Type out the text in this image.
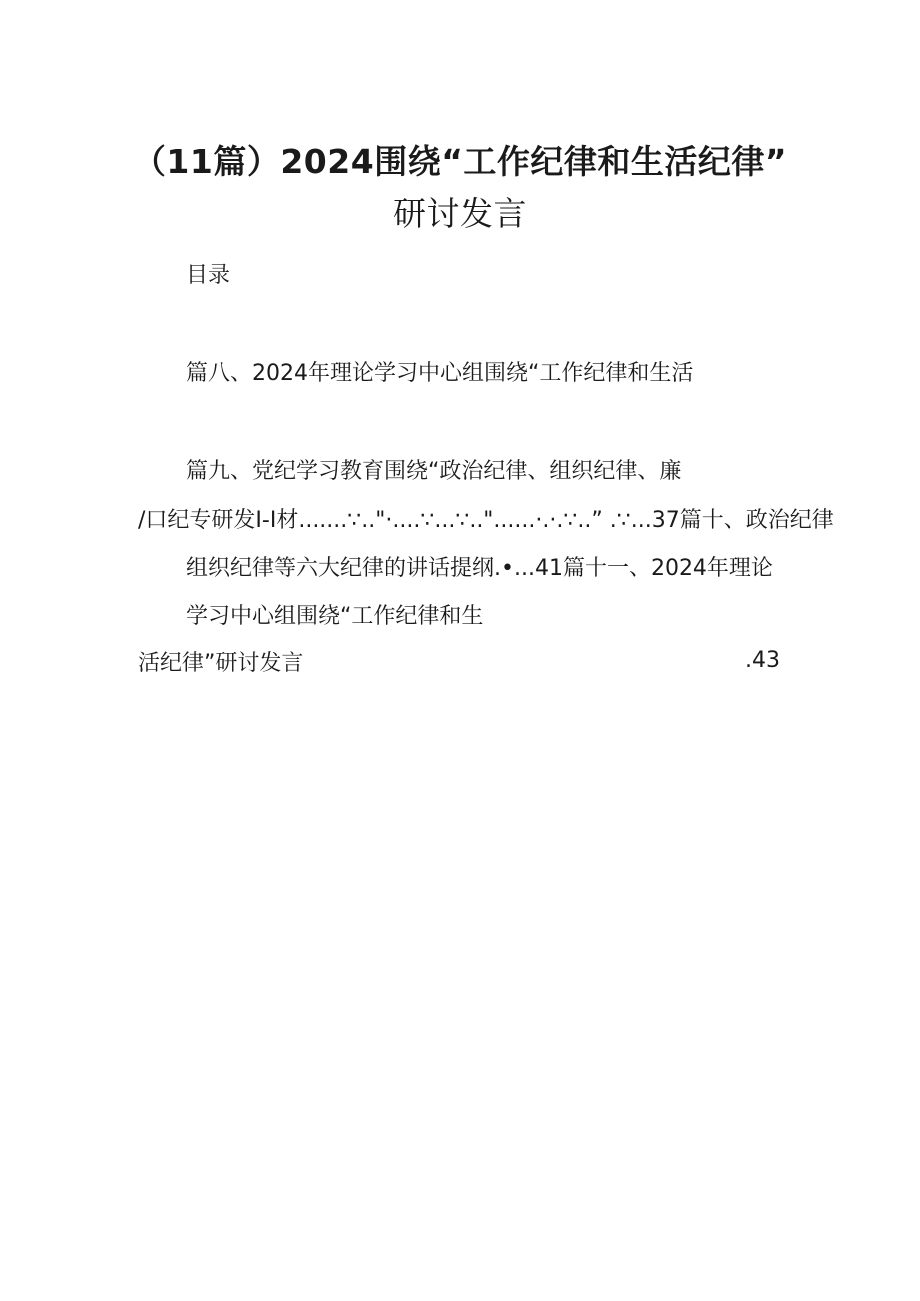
（11篇）2024围绕“工作纪律和生活纪律”
研讨发言
目录
篇八、2024年理论学习中心组围绕“工作纪律和生活
篇九、党纪学习教育围绕“政治纪律、组织纪律、廉
/口纪专研发I-I材.......∵.."·....∵...∵.."......·.·.∵..” .∵...37篇十、政治纪律
组织纪律等六大纪律的讲话提纲.•...41篇十一、2024年理论
学习中心组围绕“工作纪律和生
活纪律”研讨发言	.43
